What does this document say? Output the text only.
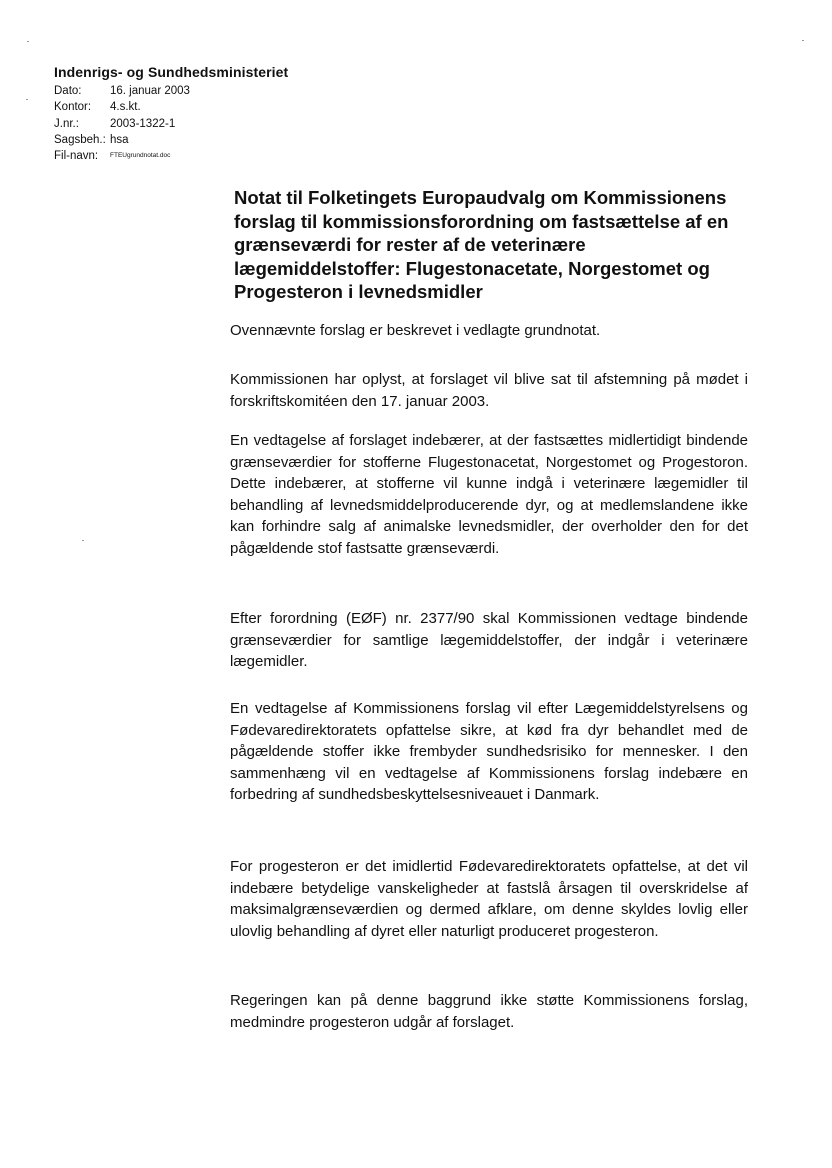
Indenrigs- og Sundhedsministeriet
Dato:	16. januar 2003
Kontor:	4.s.kt.
J.nr.:	2003-1322-1
Sagsbeh.: hsa
Fil-navn:	FTEUgrundnotat.doc
Notat til Folketingets Europaudvalg om Kommissionens forslag til kommissionsforordning om fastsættelse af en grænseværdi for rester af de veterinære lægemiddelstoffer: Flugestonacetate, Norgestomet og Progesteron i levnedsmidler

Ovennævnte forslag er beskrevet i vedlagte grundnotat.

Kommissionen har oplyst, at forslaget vil blive sat til afstemning på mødet i forskriftskomitéen den 17. januar 2003.

En vedtagelse af forslaget indebærer, at der fastsættes midlertidigt bindende grænseværdier for stofferne Flugestonacetat, Norgestomet og Progestoron. Dette indebærer, at stofferne vil kunne indgå i veterinære lægemidler til behandling af levnedsmiddelproducerende dyr, og at medlemslandene ikke kan forhindre salg af animalske levnedsmidler, der overholder den for det pågældende stof fastsatte grænseværdi.

Efter forordning (EØF) nr. 2377/90 skal Kommissionen vedtage bindende grænseværdier for samtlige lægemiddelstoffer, der indgår i veterinære lægemidler.

En vedtagelse af Kommissionens forslag vil efter Lægemiddelstyrelsens og Fødevaredirektoratets opfattelse sikre, at kød fra dyr behandlet med de pågældende stoffer ikke frembyder sundhedsrisiko for mennesker. I den sammenhæng vil en vedtagelse af Kommissionens forslag indebære en forbedring af sundhedsbeskyttelsesniveauet i Danmark.

For progesteron er det imidlertid Fødevaredirektoratets opfattelse, at det vil indebære betydelige vanskeligheder at fastslå årsagen til overskridelse af maksimalgrænseværdien og dermed afklare, om denne skyldes lovlig eller ulovlig behandling af dyret eller naturligt produceret progesteron.

Regeringen kan på denne baggrund ikke støtte Kommissionens forslag, medmindre progesteron udgår af forslaget.
